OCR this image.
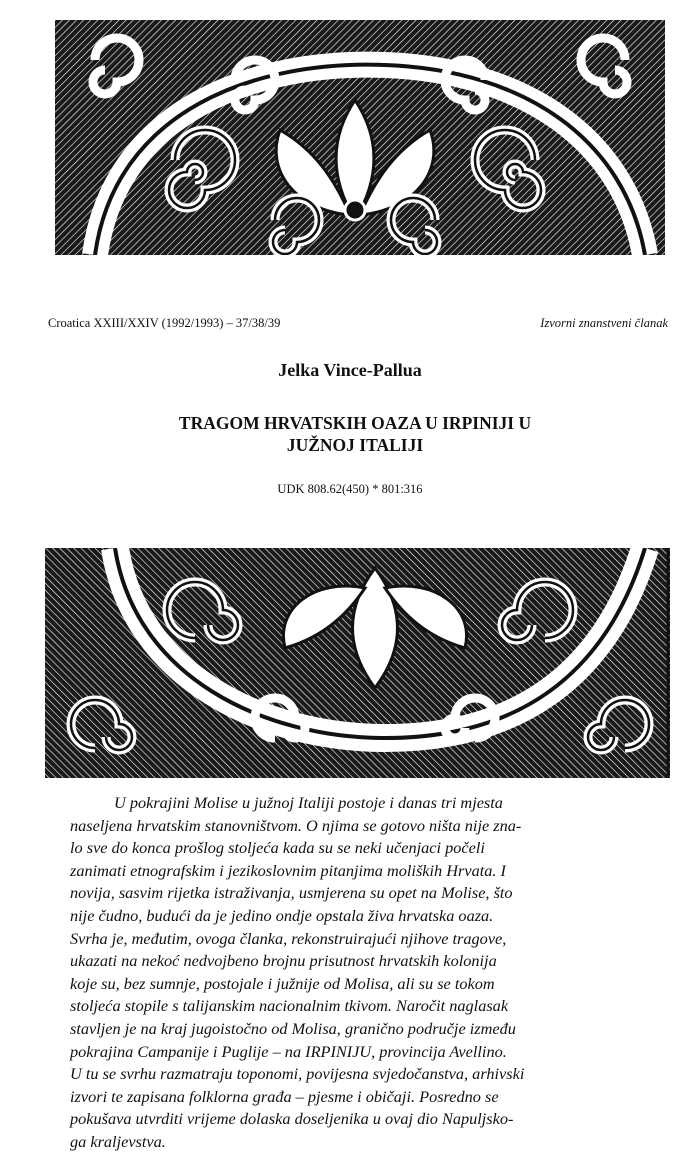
Croatica XXIII/XXIV (1992/1993) – 37/38/39	Izvorni znanstveni članak
Jelka Vince-Pallua
TRAGOM HRVATSKIH OAZA U IRPINIJI U
JUŽNOJ ITALIJI
UDK 808.62(450) * 801:316

U pokrajini Molise u južnoj Italiji postoje i danas tri mjesta
naseljena hrvatskim stanovništvom. O njima se gotovo ništa nije zna-
lo sve do konca prošlog stoljeća kada su se neki učenjaci počeli
zanimati etnografskim i jezikoslovnim pitanjima moliških Hrvata. I
novija, sasvim rijetka istraživanja, usmjerena su opet na Molise, što
nije čudno, budući da je jedino ondje opstala živa hrvatska oaza.
Svrha je, međutim, ovoga članka, rekonstruirajući njihove tragove,
ukazati na nekoć nedvojbeno brojnu prisutnost hrvatskih kolonija
koje su, bez sumnje, postojale i južnije od Molisa, ali su se tokom
stoljeća stopile s talijanskim nacionalnim tkivom. Naročit naglasak
stavljen je na kraj jugoistočno od Molisa, granično područje između
pokrajina Campanije i Puglije – na IRPINIJU, provincija Avellino.
U tu se svrhu razmatraju toponomi, povijesna svjedočanstva, arhivski
izvori te zapisana folklorna građa – pjesme i običaji. Posredno se
pokušava utvrditi vrijeme dolaska doseljenika u ovaj dio Napuljsko-
ga kraljevstva.
